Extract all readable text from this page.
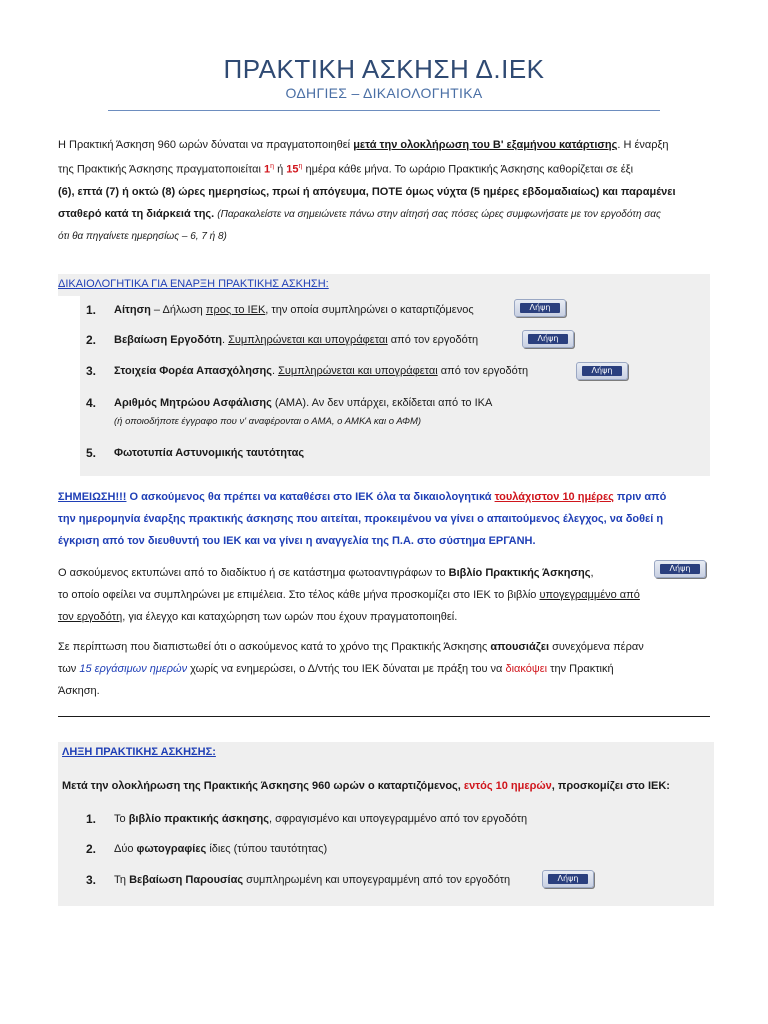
ΠΡΑΚΤΙΚΗ ΑΣΚΗΣΗ Δ.ΙΕΚ
ΟΔΗΓΙΕΣ – ΔΙΚΑΙΟΛΟΓΗΤΙΚΑ
Η Πρακτική Άσκηση 960 ωρών δύναται να πραγματοποιηθεί μετά την ολοκλήρωση του Β' εξαμήνου κατάρτισης. Η έναρξη
της Πρακτικής Άσκησης πραγματοποιείται $1^\eta$ ή $15^\eta$ ημέρα κάθε μήνα. Το ωράριο Πρακτικής Άσκησης καθορίζεται σε έξι
(6), επτά (7) ή οκτώ (8) ώρες ημερησίως, πρωί ή απόγευμα, ΠΟΤΕ όμως νύχτα (5 ημέρες εβδομαδιαίως) και παραμένει
σταθερό κατά τη διάρκειά της. (Παρακαλείστε να σημειώνετε πάνω στην αίτησή σας πόσες ώρες συμφωνήσατε με τον εργοδότη σας
ότι θα πηγαίνετε ημερησίως – 6, 7 ή 8)
ΔΙΚΑΙΟΛΟΓΗΤΙΚΑ ΓΙΑ ΕΝΑΡΞΗ ΠΡΑΚΤΙΚΗΣ ΑΣΚΗΣΗ:
1. Αίτηση – Δήλωση προς το ΙΕΚ, την οποία συμπληρώνει ο καταρτιζόμενος	Λήψη
2. Βεβαίωση Εργοδότη. Συμπληρώνεται και υπογράφεται από τον εργοδότη	Λήψη
3. Στοιχεία Φορέα Απασχόλησης. Συμπληρώνεται και υπογράφεται από τον εργοδότη	Λήψη
4. Αριθμός Μητρώου Ασφάλισης (ΑΜΑ). Αν δεν υπάρχει, εκδίδεται από το ΙΚΑ
(ή οποιοδήποτε έγγραφο που ν' αναφέρονται ο ΑΜΑ, ο ΑΜΚΑ και ο ΑΦΜ)
5. Φωτοτυπία Αστυνομικής ταυτότητας
ΣΗΜΕΙΩΣΗ!!! Ο ασκούμενος θα πρέπει να καταθέσει στο ΙΕΚ όλα τα δικαιολογητικά τουλάχιστον 10 ημέρες πριν από
την ημερομηνία έναρξης πρακτικής άσκησης που αιτείται, προκειμένου να γίνει ο απαιτούμενος έλεγχος, να δοθεί η
έγκριση από τον διευθυντή του ΙΕΚ και να γίνει η αναγγελία της Π.Α. στο σύστημα ΕΡΓΑΝΗ.
Ο ασκούμενος εκτυπώνει από το διαδίκτυο ή σε κατάστημα φωτοαντιγράφων το Βιβλίο Πρακτικής Άσκησης,
το οποίο οφείλει να συμπληρώνει με επιμέλεια. Στο τέλος κάθε μήνα προσκομίζει στο ΙΕΚ το βιβλίο υπογεγραμμένο από
τον εργοδότη, για έλεγχο και καταχώρηση των ωρών που έχουν πραγματοποιηθεί.
Λήψη
Σε περίπτωση που διαπιστωθεί ότι ο ασκούμενος κατά το χρόνο της Πρακτικής Άσκησης απουσιάζει συνεχόμενα πέραν
των 15 εργάσιμων ημερών χωρίς να ενημερώσει, ο Δ/ντής του ΙΕΚ δύναται με πράξη του να διακόψει την Πρακτική
Άσκηση.
ΛΗΞΗ ΠΡΑΚΤΙΚΗΣ ΑΣΚΗΣΗΣ:
Μετά την ολοκλήρωση της Πρακτικής Άσκησης 960 ωρών ο καταρτιζόμενος, εντός 10 ημερών, προσκομίζει στο ΙΕΚ:
1. Το βιβλίο πρακτικής άσκησης, σφραγισμένο και υπογεγραμμένο από τον εργοδότη
2. Δύο φωτογραφίες ίδιες (τύπου ταυτότητας)
3. Τη Βεβαίωση Παρουσίας συμπληρωμένη και υπογεγραμμένη από τον εργοδότη	Λήψη
